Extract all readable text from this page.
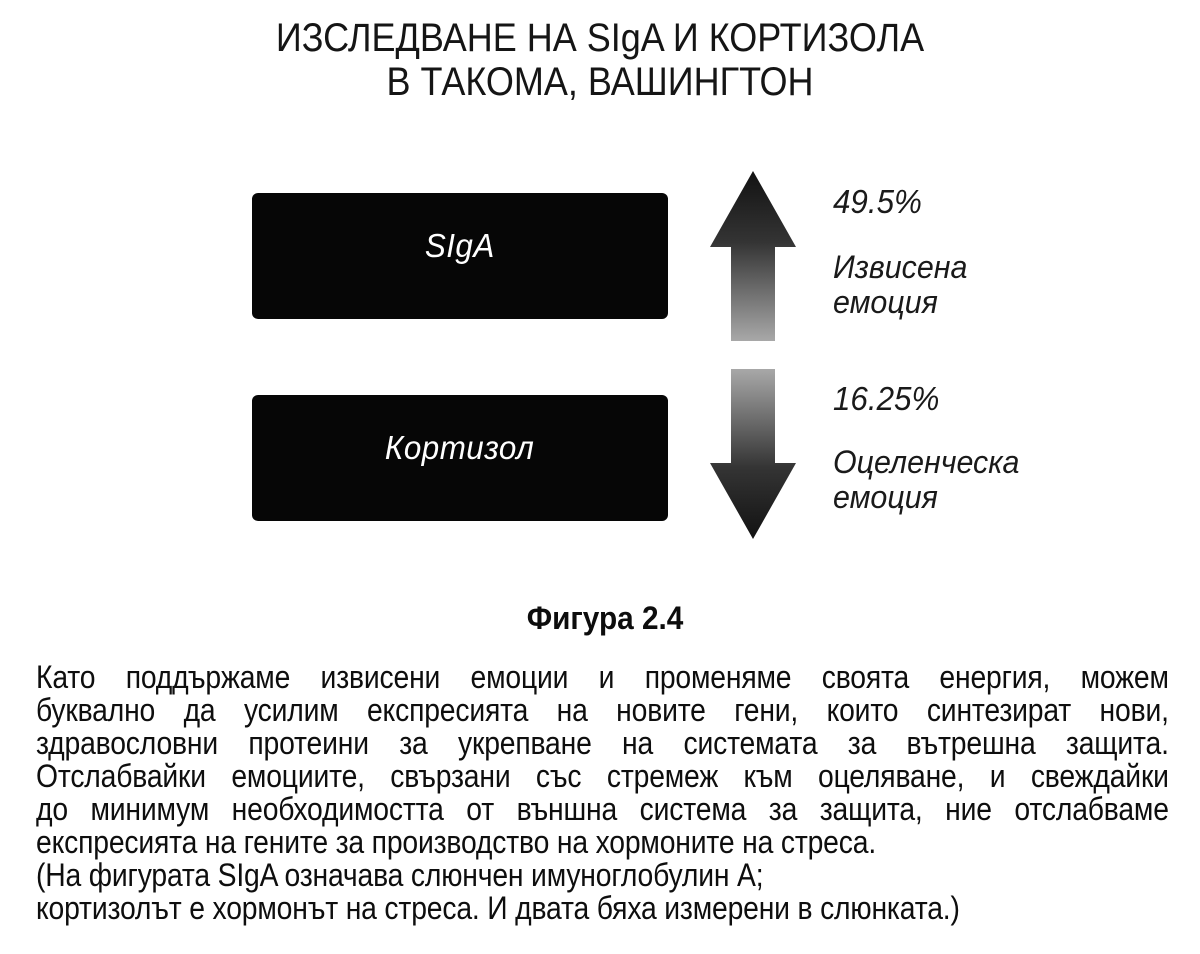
ИЗСЛЕДВАНЕ НА SIgA И КОРТИЗОЛА
В ТАКОМА, ВАШИНГТОН
SIgA
Кортизол
49.5%
Извисена
емоция
16.25%
Оцеленческа
емоция
Фигура 2.4

Като поддържаме извисени емоции и променяме своята енергия, можем

буквално да усилим експресията на новите гени, които синтезират нови,

здравословни протеини за укрепване на системата за вътрешна защита.

Отслабвайки емоциите, свързани със стремеж към оцеляване, и свеждайки

до минимум необходимостта от външна система за защита, ние отслабваме

експресията на гените за производство на хормоните на стреса.

(На фигурата SIgA означава слюнчен имуноглобулин А;

кортизолът е хормонът на стреса. И двата бяха измерени в слюнката.)
